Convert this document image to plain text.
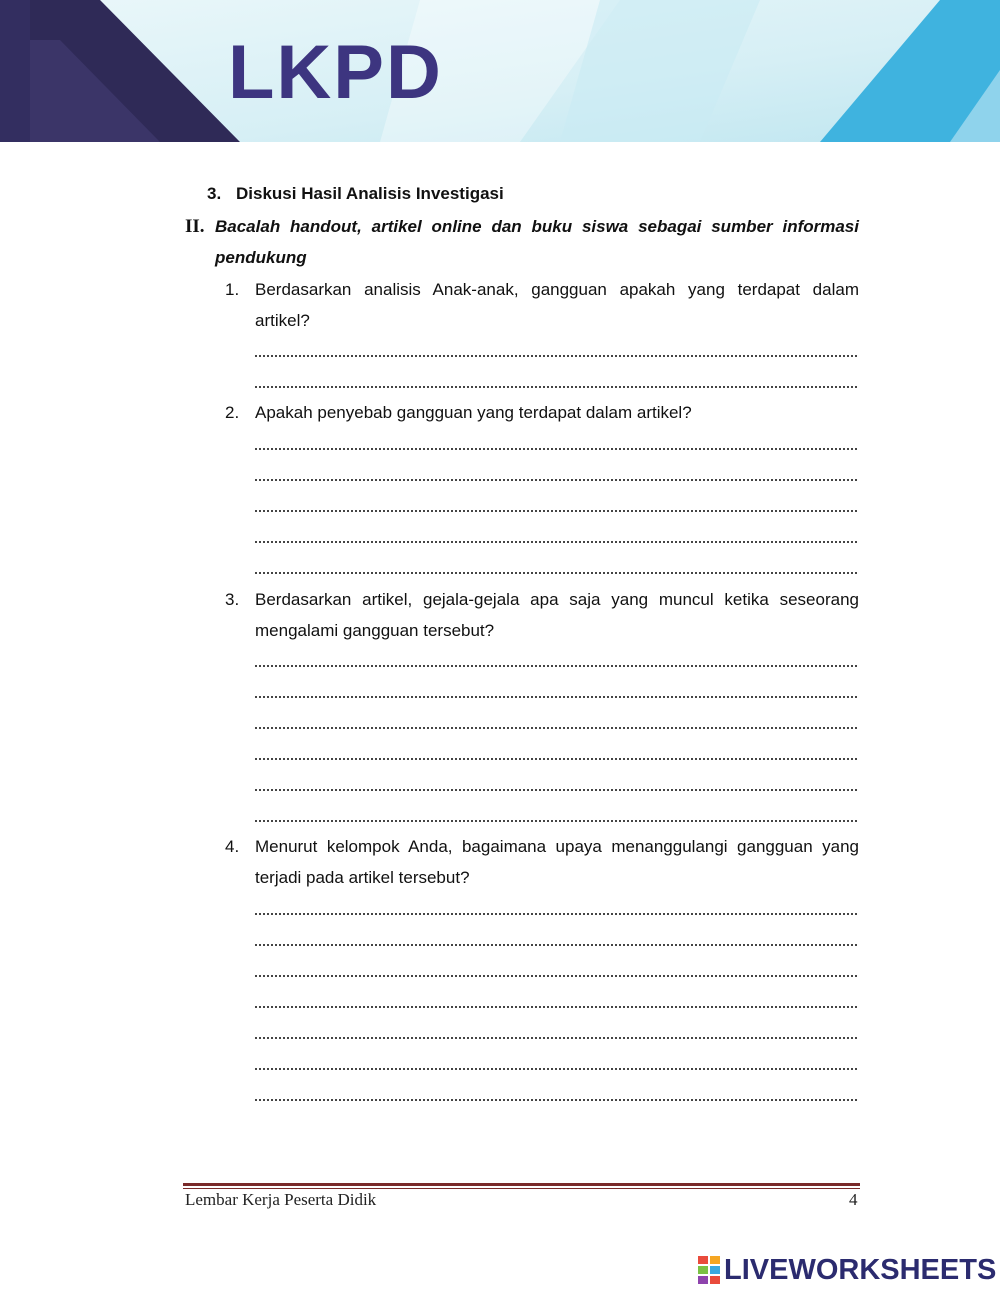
LKPD
3. Diskusi Hasil Analisis Investigasi
II. Bacalah handout, artikel online dan buku siswa sebagai sumber informasi
pendukung
1. Berdasarkan analisis Anak-anak, gangguan apakah yang terdapat dalam
artikel?
2. Apakah penyebab gangguan yang terdapat dalam artikel?
3. Berdasarkan artikel, gejala-gejala apa saja yang muncul ketika seseorang
mengalami gangguan tersebut?
4. Menurut kelompok Anda, bagaimana upaya menanggulangi gangguan yang
terjadi pada artikel tersebut?
Lembar Kerja Peserta Didik	4
LIVEWORKSHEETS
